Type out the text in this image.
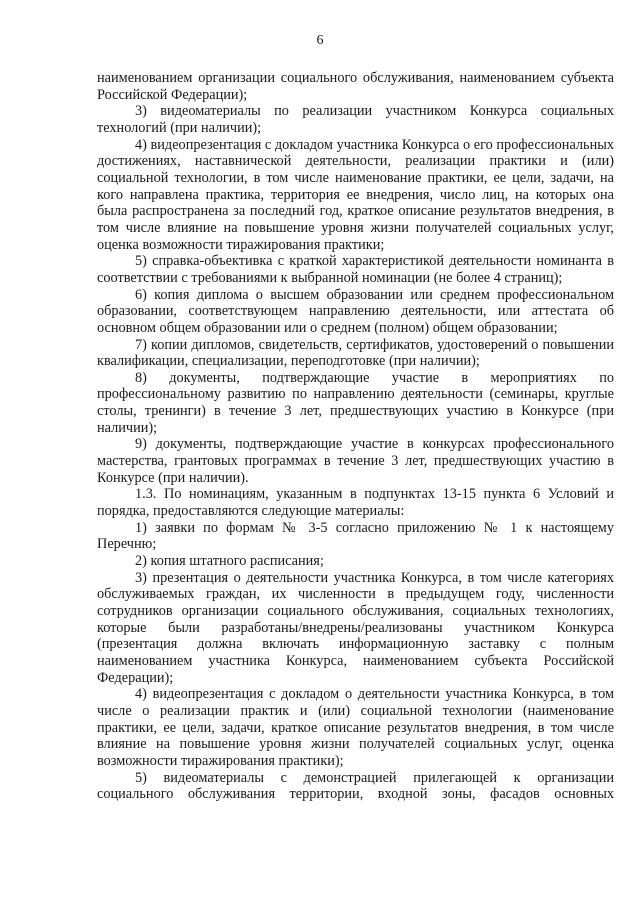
6

наименованием организации социального обслуживания, наименованием субъекта Российской Федерации);

3) видеоматериалы по реализации участником Конкурса социальных технологий (при наличии);

4) видеопрезентация с докладом участника Конкурса о его профессиональных достижениях, наставнической деятельности, реализации практики и (или) социальной технологии, в том числе наименование практики, ее цели, задачи, на кого направлена практика, территория ее внедрения, число лиц, на которых она была распространена за последний год, краткое описание результатов внедрения, в том числе влияние на повышение уровня жизни получателей социальных услуг, оценка возможности тиражирования практики;

5) справка-объективка с краткой характеристикой деятельности номинанта в соответствии с требованиями к выбранной номинации (не более 4 страниц);

6) копия диплома о высшем образовании или среднем профессиональном образовании, соответствующем направлению деятельности, или аттестата об основном общем образовании или о среднем (полном) общем образовании;

7) копии дипломов, свидетельств, сертификатов, удостоверений о повышении квалификации, специализации, переподготовке (при наличии);

8) документы, подтверждающие участие в мероприятиях по профессиональному развитию по направлению деятельности (семинары, круглые столы, тренинги) в течение 3 лет, предшествующих участию в Конкурсе (при наличии);

9) документы, подтверждающие участие в конкурсах профессионального мастерства, грантовых программах в течение 3 лет, предшествующих участию в Конкурсе (при наличии).

1.3. По номинациям, указанным в подпунктах 13-15 пункта 6 Условий и порядка, предоставляются следующие материалы:

1) заявки по формам № 3-5 согласно приложению № 1 к настоящему Перечню;

2) копия штатного расписания;

3) презентация о деятельности участника Конкурса, в том числе категориях обслуживаемых граждан, их численности в предыдущем году, численности сотрудников организации социального обслуживания, социальных технологиях, которые были разработаны/внедрены/реализованы участником Конкурса (презентация должна включать информационную заставку с полным наименованием участника Конкурса, наименованием субъекта Российской Федерации);

4) видеопрезентация с докладом о деятельности участника Конкурса, в том числе о реализации практик и (или) социальной технологии (наименование практики, ее цели, задачи, краткое описание результатов внедрения, в том числе влияние на повышение уровня жизни получателей социальных услуг, оценка возможности тиражирования практики);

5) видеоматериалы с демонстрацией прилегающей к организации социального обслуживания территории, входной зоны, фасадов основных
